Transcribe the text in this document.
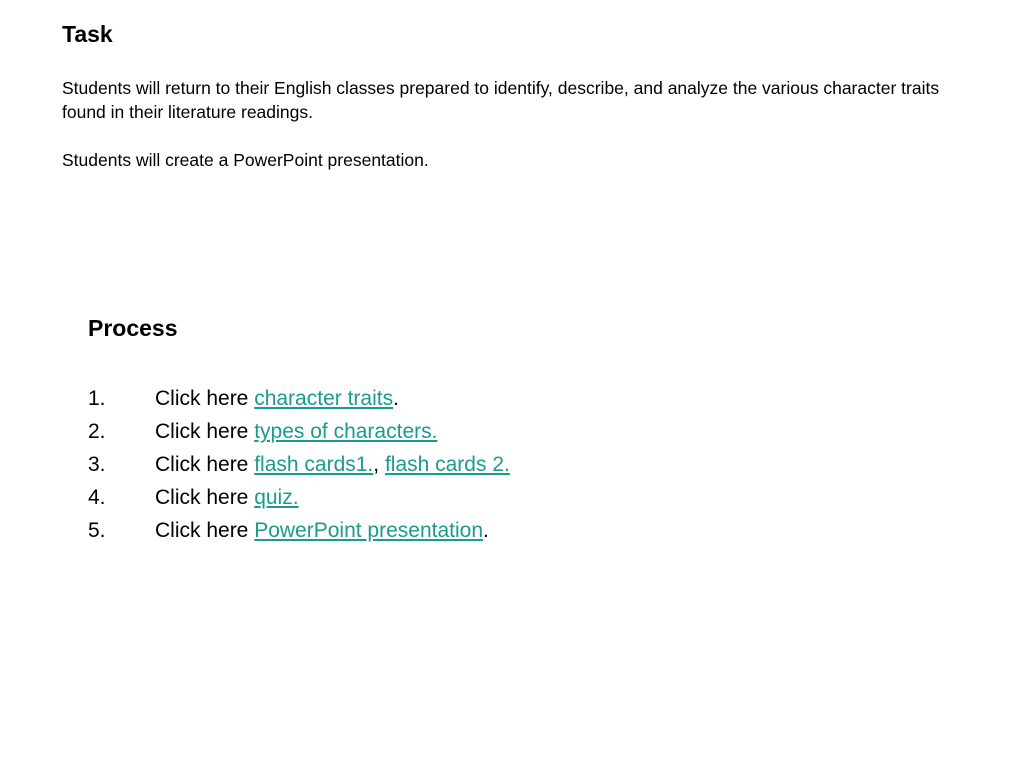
Task

Students will return to their English classes prepared to identify, describe, and analyze the various character traits found in their literature readings.

Students will create a PowerPoint presentation.

Process
1.	Click here character traits.
2.	Click here types of characters.
3.	Click here flash cards1., flash cards 2.
4.	Click here quiz.
5.	Click here PowerPoint presentation.
